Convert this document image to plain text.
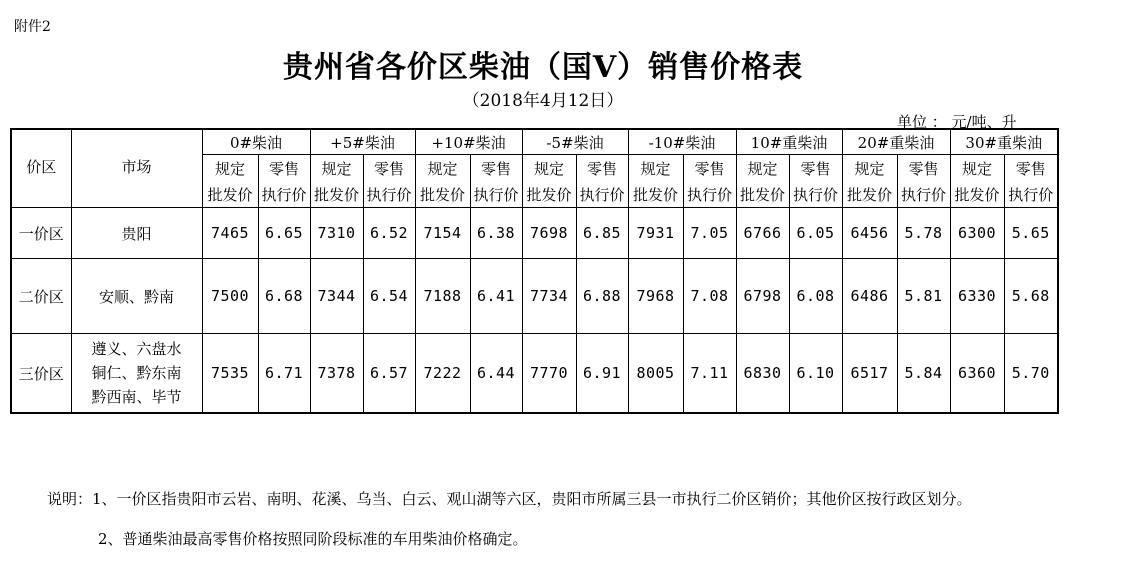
附件2
贵州省各价区柴油（国Ⅴ）销售价格表
（2018年4月12日）
单位 ： 元/吨、升
价区	市场	0#柴油		+5#柴油		+10#柴油		-5#柴油		-10#柴油		10#重柴油		20#重柴油		30#重柴油	
		规定	零售	规定	零售	规定	零售	规定	零售	规定	零售	规定	零售	规定	零售	规定	零售
		批发价	执行价	批发价	执行价	批发价	执行价	批发价	执行价	批发价	执行价	批发价	执行价	批发价	执行价	批发价	执行价
一价区	贵阳	7465	6.65	7310	6.52	7154	6.38	7698	6.85	7931	7.05	6766	6.05	6456	5.78	6300	5.65
二价区	安顺、黔南	7500	6.68	7344	6.54	7188	6.41	7734	6.88	7968	7.08	6798	6.08	6486	5.81	6330	5.68
三价区	遵义、六盘水
铜仁、黔东南
黔西南、毕节	7535	6.71	7378	6.57	7222	6.44	7770	6.91	8005	7.11	6830	6.10	6517	5.84	6360	5.70
说明：1、一价区指贵阳市云岩、南明、花溪、乌当、白云、观山湖等六区，贵阳市所属三县一市执行二价区销价；其他价区按行政区划分。
2、普通柴油最高零售价格按照同阶段标准的车用柴油价格确定。
